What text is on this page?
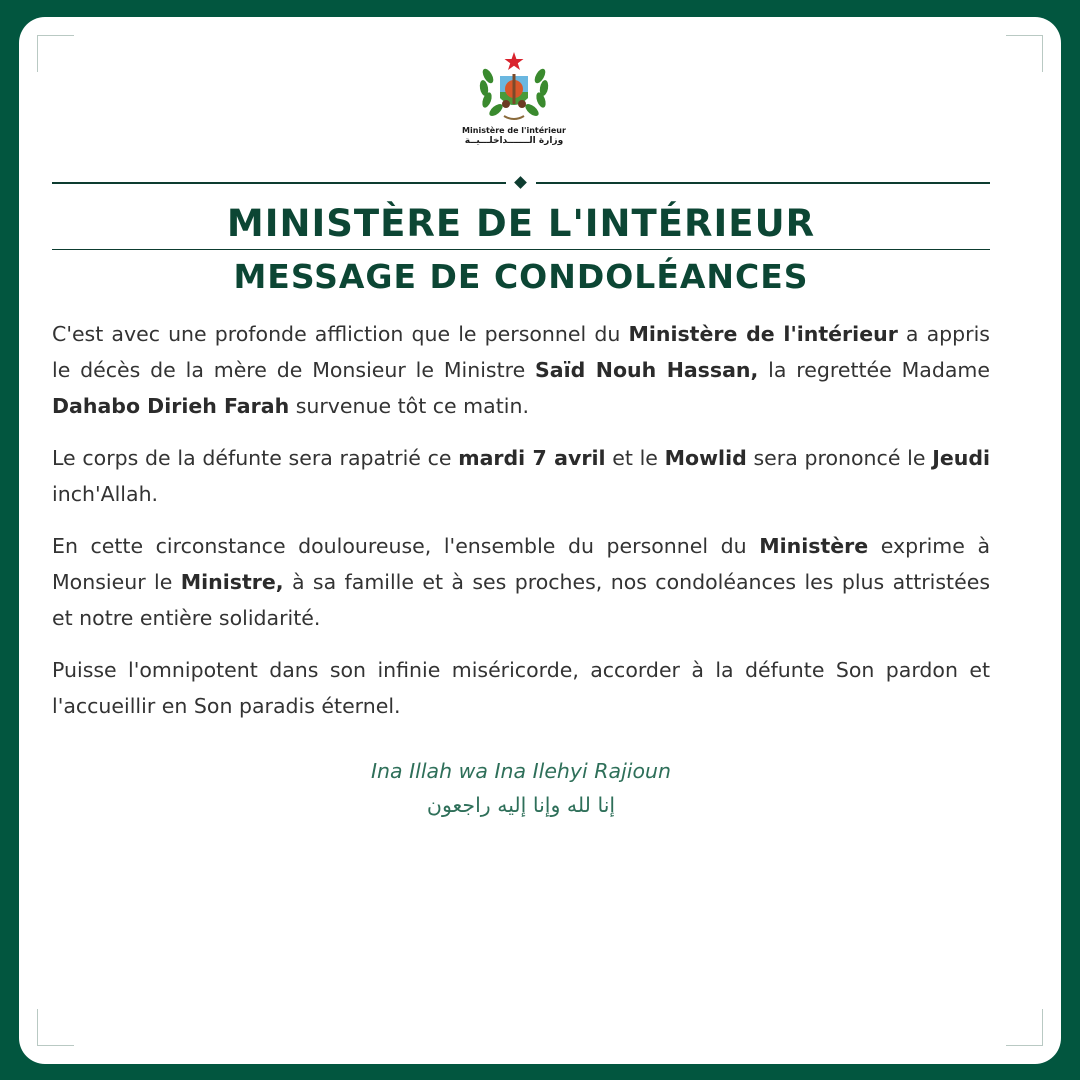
Ministère de l'intérieur
وزارة الـــــــداخلـــيــة
MINISTÈRE DE L'INTÉRIEUR
MESSAGE DE CONDOLÉANCES

C'est avec une profonde affliction que le personnel du Ministère de l'intérieur a appris le décès de la mère de Monsieur le Ministre Saïd Nouh Hassan, la regrettée Madame Dahabo Dirieh Farah survenue tôt ce matin.

Le corps de la défunte sera rapatrié ce mardi 7 avril et le Mowlid sera prononcé le Jeudi inch'Allah.

En cette circonstance douloureuse, l'ensemble du personnel du Ministère exprime à Monsieur le Ministre, à sa famille et à ses proches, nos condoléances les plus attristées et notre entière solidarité.

Puisse l'omnipotent dans son infinie miséricorde, accorder à la défunte Son pardon et l'accueillir en Son paradis éternel.

Ina Illah wa Ina Ilehyi Rajioun
إنا لله وإنا إليه راجعون
